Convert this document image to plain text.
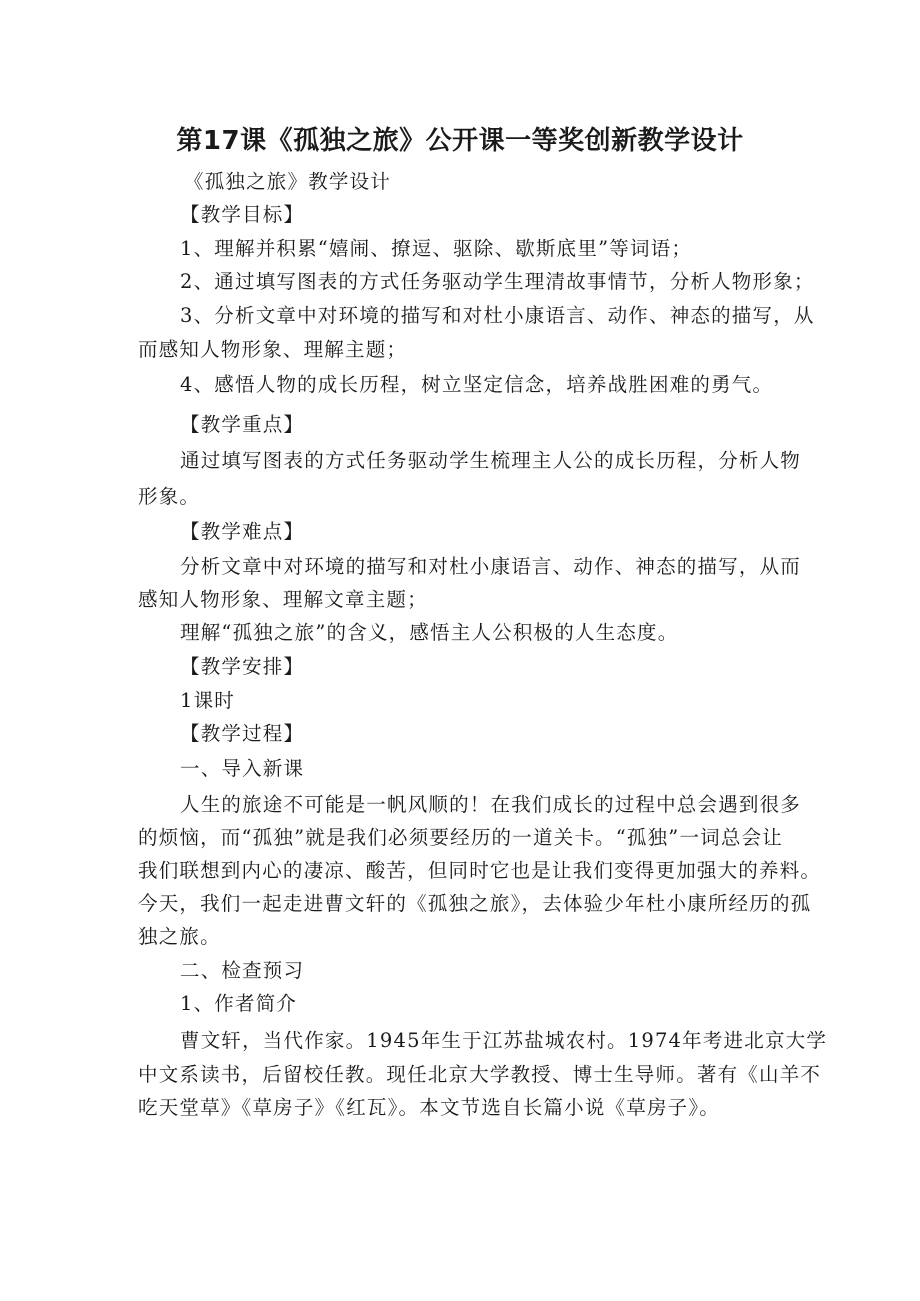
第17课《孤独之旅》公开课一等奖创新教学设计
《孤独之旅》教学设计
【教学目标】
1、理解并积累“嬉闹、撩逗、驱除、歇斯底里”等词语；
2、通过填写图表的方式任务驱动学生理清故事情节，分析人物形象；
3、分析文章中对环境的描写和对杜小康语言、动作、神态的描写，从
而感知人物形象、理解主题；
4、感悟人物的成长历程，树立坚定信念，培养战胜困难的勇气。
【教学重点】
通过填写图表的方式任务驱动学生梳理主人公的成长历程，分析人物
形象。
【教学难点】
分析文章中对环境的描写和对杜小康语言、动作、神态的描写，从而
感知人物形象、理解文章主题；
理解“孤独之旅”的含义，感悟主人公积极的人生态度。
【教学安排】
1课时
【教学过程】
一、导入新课
人生的旅途不可能是一帆风顺的！在我们成长的过程中总会遇到很多
的烦恼，而“孤独”就是我们必须要经历的一道关卡。“孤独”一词总会让
我们联想到内心的凄凉、酸苦，但同时它也是让我们变得更加强大的养料。
今天，我们一起走进曹文轩的《孤独之旅》，去体验少年杜小康所经历的孤
独之旅。
二、检查预习
1、作者简介
曹文轩，当代作家。1945年生于江苏盐城农村。1974年考进北京大学
中文系读书，后留校任教。现任北京大学教授、博士生导师。著有《山羊不
吃天堂草》《草房子》《红瓦》。本文节选自长篇小说《草房子》。
